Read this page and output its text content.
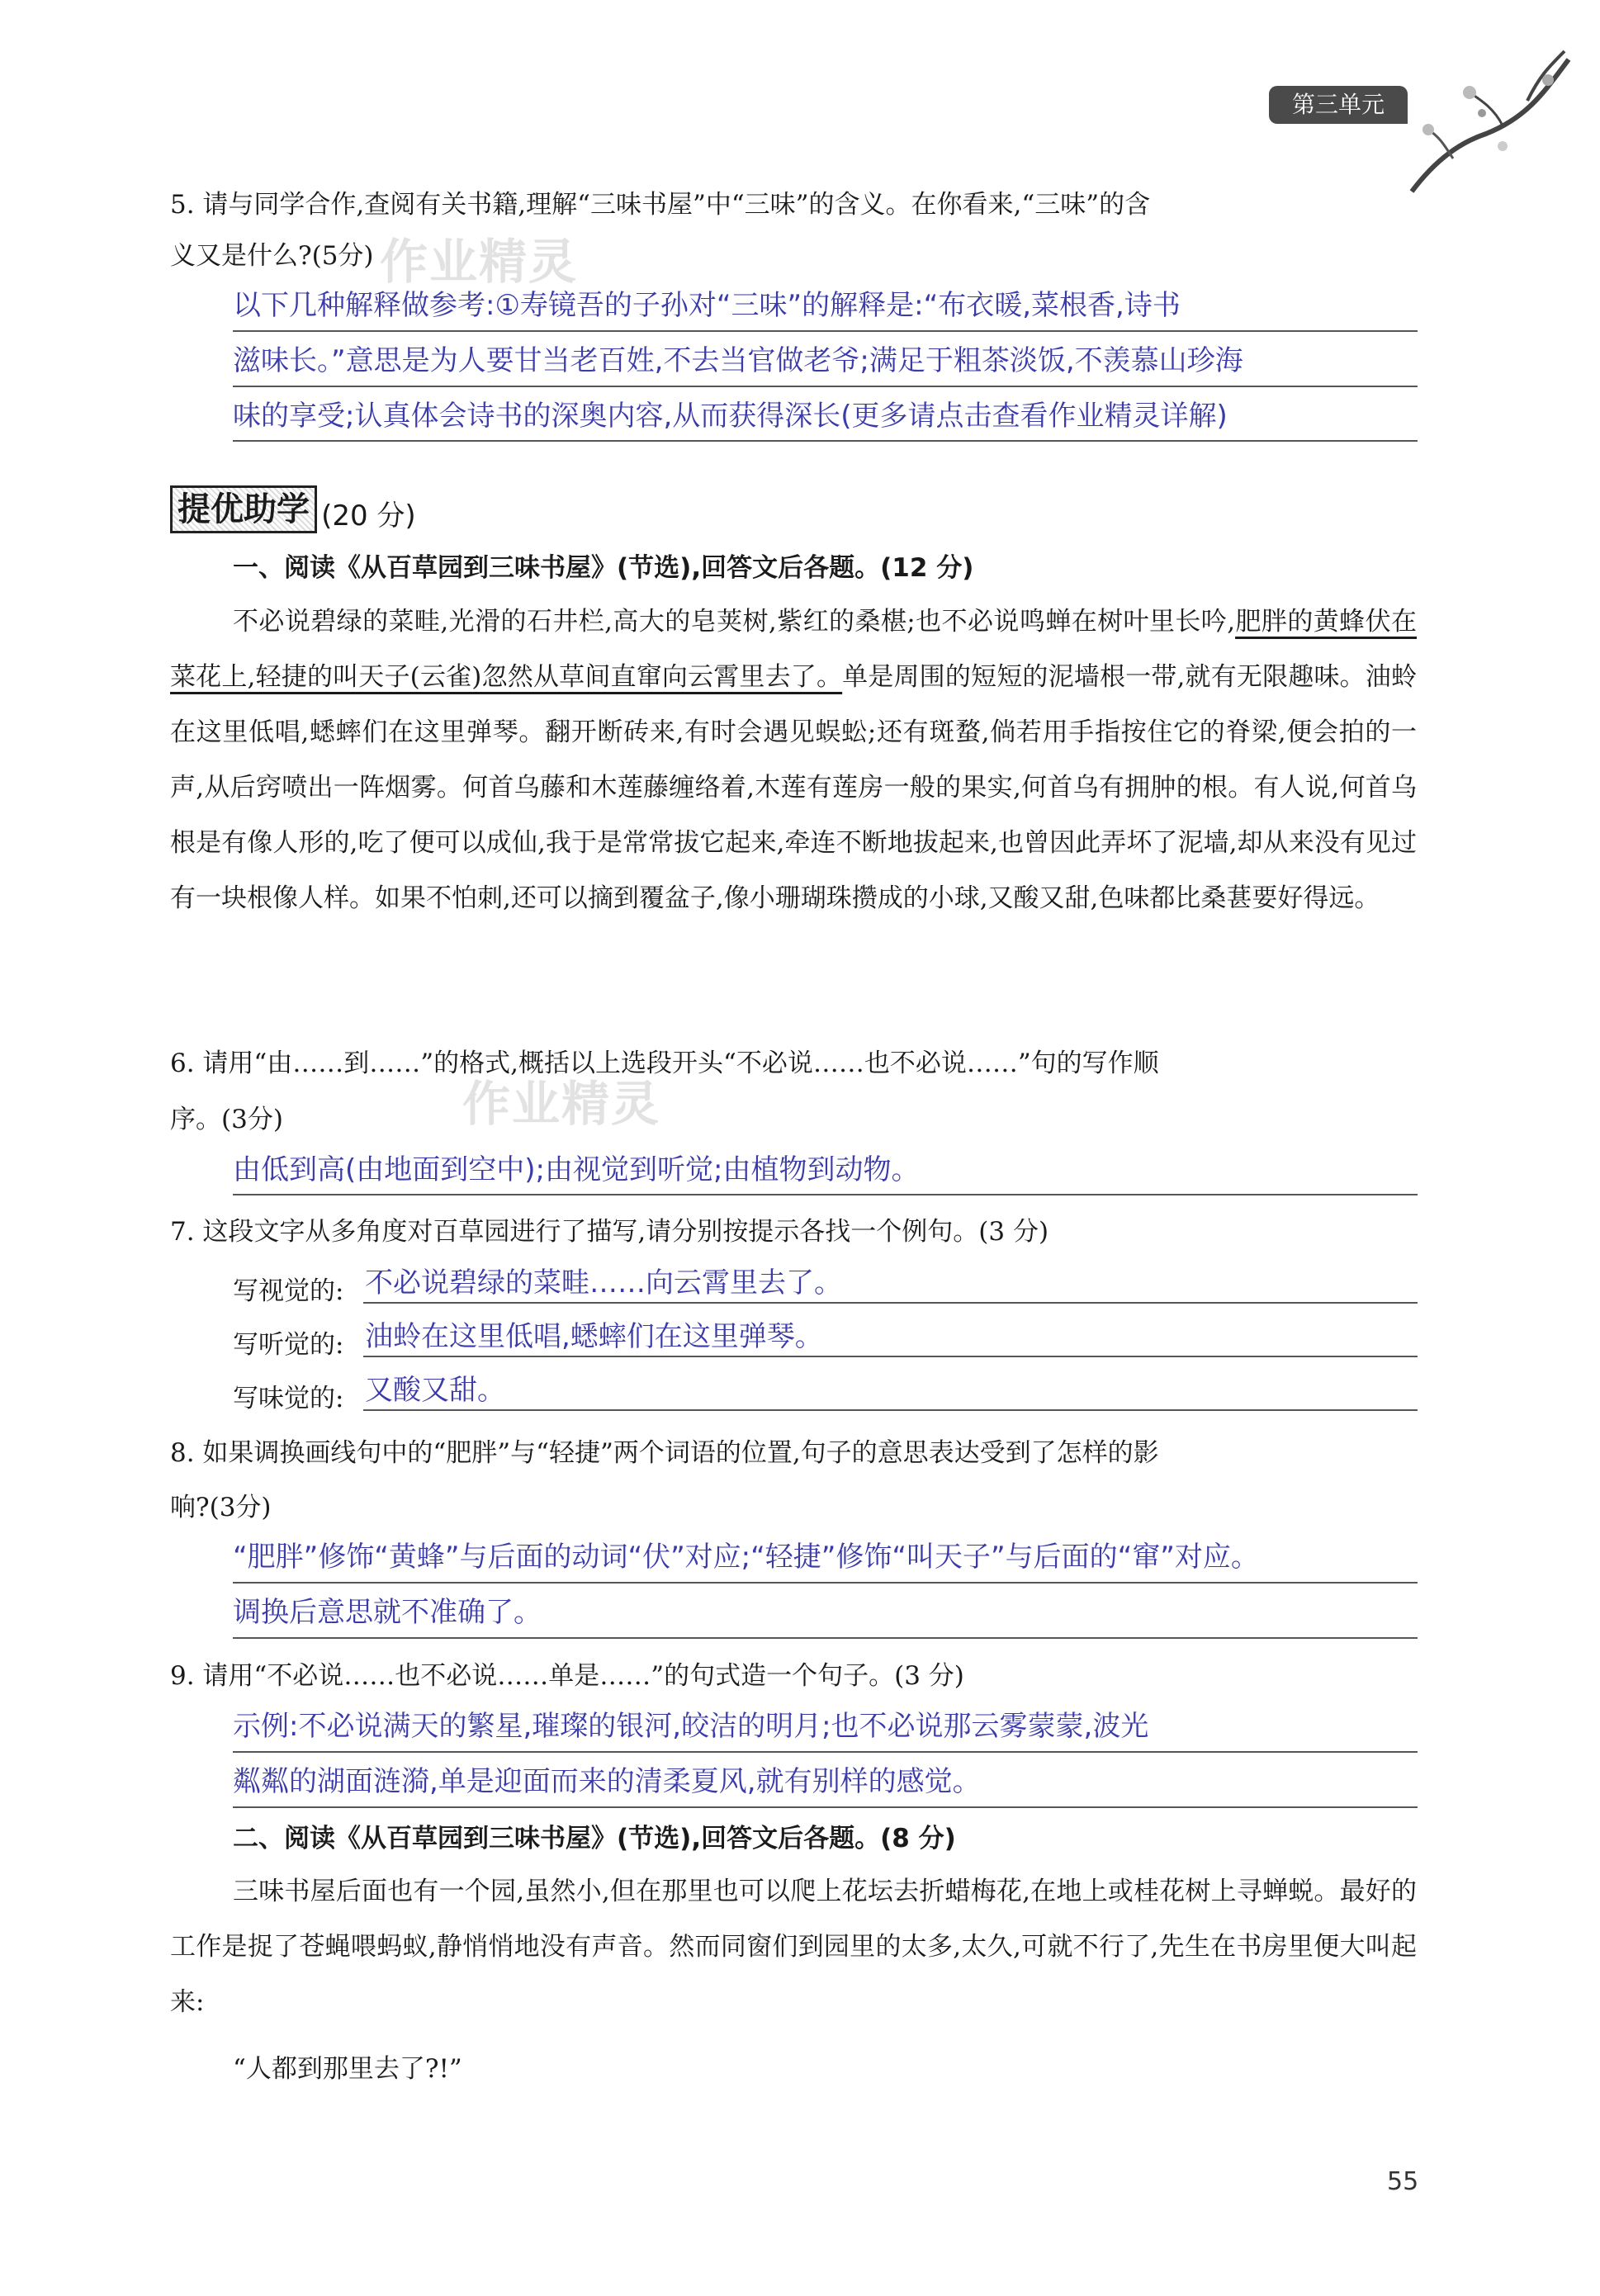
第三单元
5. 请与同学合作,查阅有关书籍,理解“三味书屋”中“三味”的含义。在你看来,“三味”的含
义又是什么?(5分)
以下几种解释做参考:①寿镜吾的子孙对“三味”的解释是:“布衣暖,菜根香,诗书
滋味长。”意思是为人要甘当老百姓,不去当官做老爷;满足于粗茶淡饭,不羡慕山珍海
味的享受;认真体会诗书的深奥内容,从而获得深长(更多请点击查看作业精灵详解)
作业精灵
提优助学 (20 分)
一、阅读《从百草园到三味书屋》(节选),回答文后各题。(12 分)
不必说碧绿的菜畦,光滑的石井栏,高大的皂荚树,紫红的桑椹;也不必说鸣蝉在树叶里长吟,肥胖的黄蜂伏在菜花上,轻捷的叫天子(云雀)忽然从草间直窜向云霄里去了。单是周围的短短的泥墙根一带,就有无限趣味。油蛉在这里低唱,蟋蟀们在这里弹琴。翻开断砖来,有时会遇见蜈蚣;还有斑蝥,倘若用手指按住它的脊梁,便会拍的一声,从后窍喷出一阵烟雾。何首乌藤和木莲藤缠络着,木莲有莲房一般的果实,何首乌有拥肿的根。有人说,何首乌根是有像人形的,吃了便可以成仙,我于是常常拔它起来,牵连不断地拔起来,也曾因此弄坏了泥墙,却从来没有见过有一块根像人样。如果不怕刺,还可以摘到覆盆子,像小珊瑚珠攒成的小球,又酸又甜,色味都比桑葚要好得远。
6. 请用“由……到……”的格式,概括以上选段开头“不必说……也不必说……”句的写作顺
序。(3分)	作业精灵
由低到高(由地面到空中);由视觉到听觉;由植物到动物。
7. 这段文字从多角度对百草园进行了描写,请分别按提示各找一个例句。(3 分)
写视觉的: 不必说碧绿的菜畦……向云霄里去了。
写听觉的: 油蛉在这里低唱,蟋蟀们在这里弹琴。
写味觉的: 又酸又甜。
8. 如果调换画线句中的“肥胖”与“轻捷”两个词语的位置,句子的意思表达受到了怎样的影
响?(3分)
“肥胖”修饰“黄蜂”与后面的动词“伏”对应;“轻捷”修饰“叫天子”与后面的“窜”对应。
调换后意思就不准确了。
9. 请用“不必说……也不必说……单是……”的句式造一个句子。(3 分)
示例:不必说满天的繁星,璀璨的银河,皎洁的明月;也不必说那云雾蒙蒙,波光
粼粼的湖面涟漪,单是迎面而来的清柔夏风,就有别样的感觉。
二、阅读《从百草园到三味书屋》(节选),回答文后各题。(8 分)
三味书屋后面也有一个园,虽然小,但在那里也可以爬上花坛去折蜡梅花,在地上或桂花树上寻蝉蜕。最好的工作是捉了苍蝇喂蚂蚁,静悄悄地没有声音。然而同窗们到园里的太多,太久,可就不行了,先生在书房里便大叫起来:
“人都到那里去了?!”
55
